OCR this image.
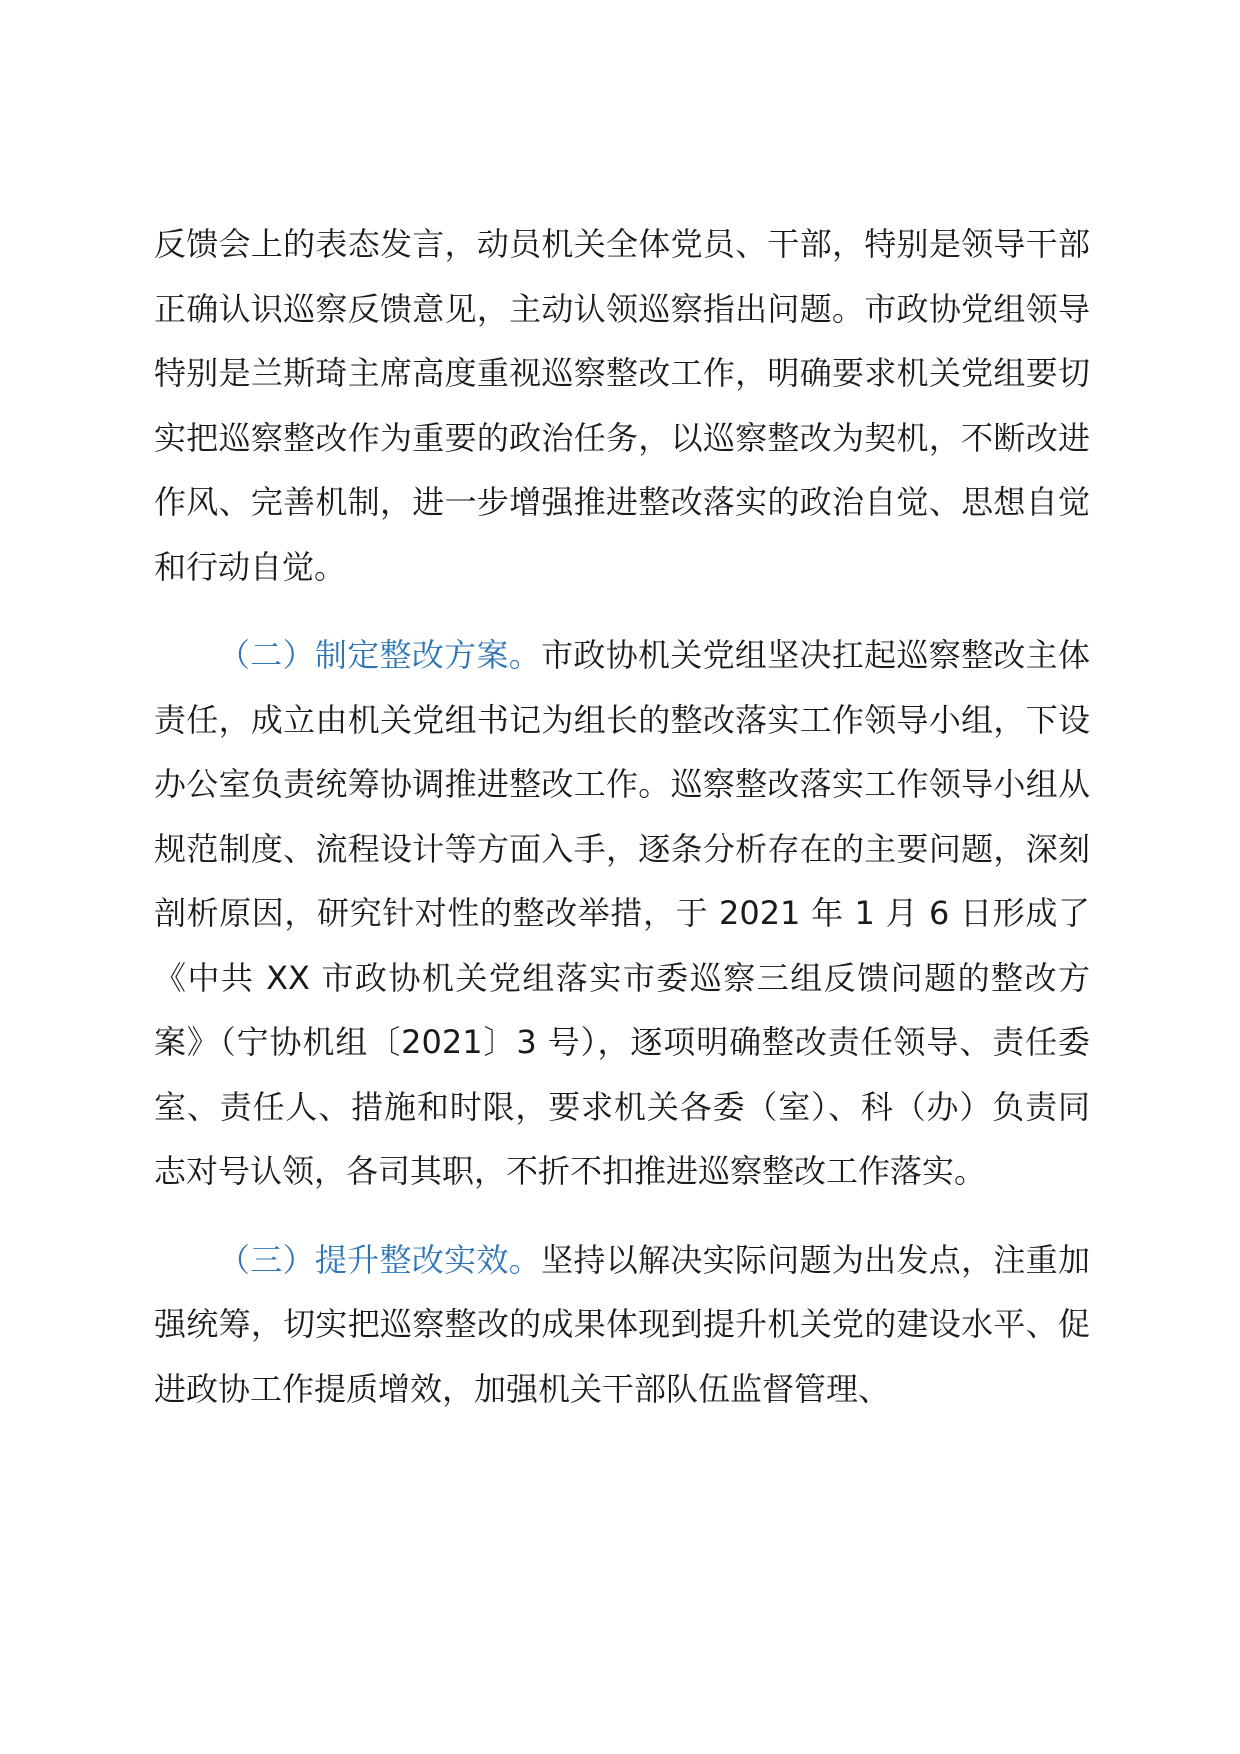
反馈会上的表态发言，动员机关全体党员、干部，特别是领导干部正确认识巡察反馈意见，主动认领巡察指出问题。市政协党组领导特别是兰斯琦主席高度重视巡察整改工作，明确要求机关党组要切实把巡察整改作为重要的政治任务，以巡察整改为契机，不断改进作风、完善机制，进一步增强推进整改落实的政治自觉、思想自觉和行动自觉。

（二）制定整改方案。市政协机关党组坚决扛起巡察整改主体责任，成立由机关党组书记为组长的整改落实工作领导小组，下设办公室负责统筹协调推进整改工作。巡察整改落实工作领导小组从规范制度、流程设计等方面入手，逐条分析存在的主要问题，深刻剖析原因，研究针对性的整改举措，于 2021 年 1 月 6 日形成了《中共 XX 市政协机关党组落实市委巡察三组反馈问题的整改方案》（宁协机组〔2021〕3 号），逐项明确整改责任领导、责任委室、责任人、措施和时限，要求机关各委（室）、科（办）负责同志对号认领，各司其职，不折不扣推进巡察整改工作落实。

（三）提升整改实效。坚持以解决实际问题为出发点，注重加强统筹，切实把巡察整改的成果体现到提升机关党的建设水平、促进政协工作提质增效，加强机关干部队伍监督管理、
